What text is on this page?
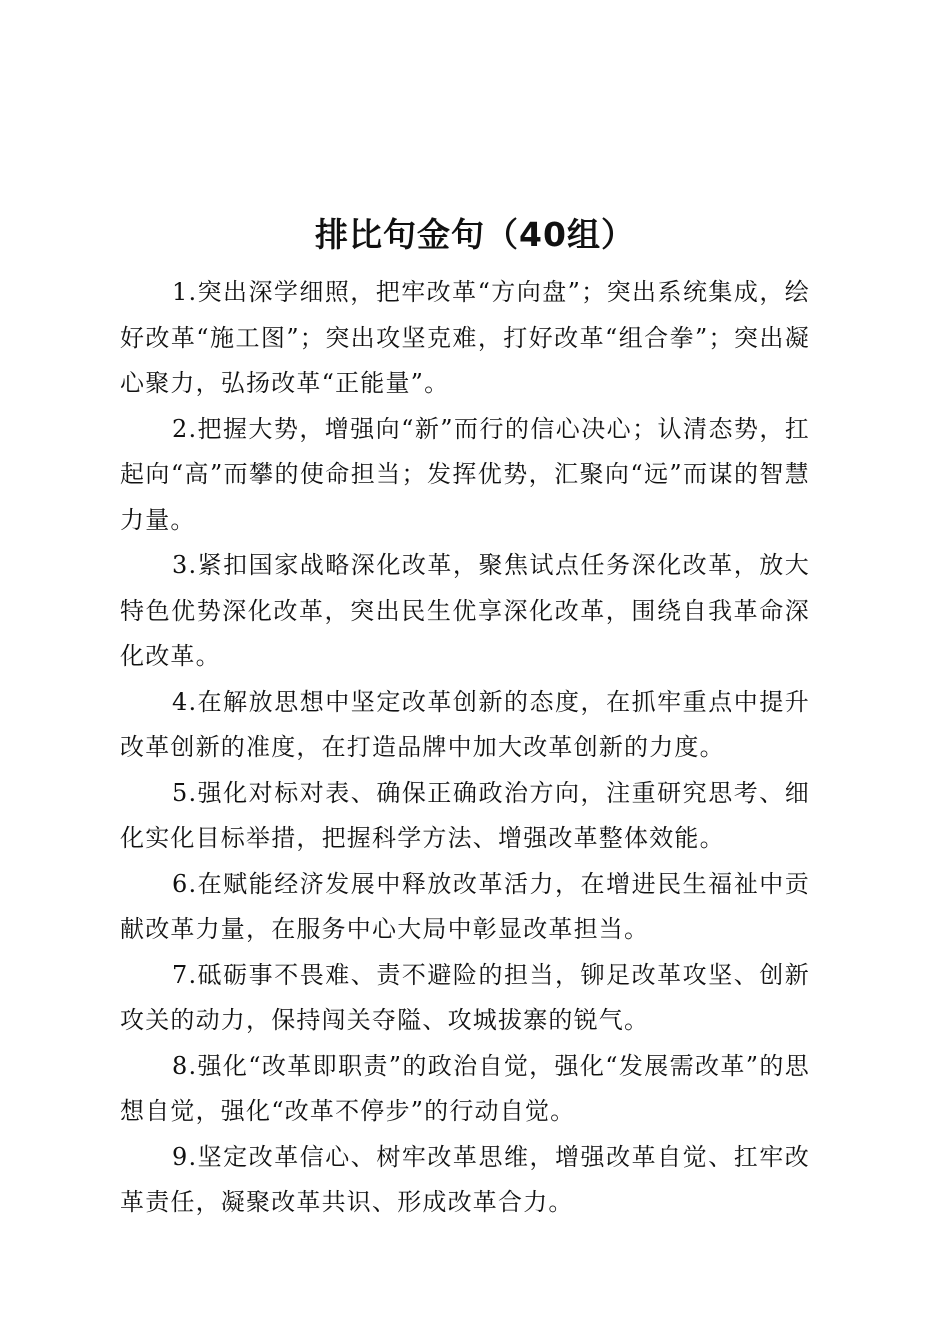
排比句金句（40组）

1.突出深学细照，把牢改革“方向盘”；突出系统集成，绘好改革“施工图”；突出攻坚克难，打好改革“组合拳”；突出凝心聚力，弘扬改革“正能量”。

2.把握大势，增强向“新”而行的信心决心；认清态势，扛起向“高”而攀的使命担当；发挥优势，汇聚向“远”而谋的智慧力量。

3.紧扣国家战略深化改革，聚焦试点任务深化改革，放大特色优势深化改革，突出民生优享深化改革，围绕自我革命深化改革。

4.在解放思想中坚定改革创新的态度，在抓牢重点中提升改革创新的准度，在打造品牌中加大改革创新的力度。

5.强化对标对表、确保正确政治方向，注重研究思考、细化实化目标举措，把握科学方法、增强改革整体效能。

6.在赋能经济发展中释放改革活力，在增进民生福祉中贡献改革力量，在服务中心大局中彰显改革担当。

7.砥砺事不畏难、责不避险的担当，铆足改革攻坚、创新攻关的动力，保持闯关夺隘、攻城拔寨的锐气。

8.强化“改革即职责”的政治自觉，强化“发展需改革”的思想自觉，强化“改革不停步”的行动自觉。

9.坚定改革信心、树牢改革思维，增强改革自觉、扛牢改革责任，凝聚改革共识、形成改革合力。
